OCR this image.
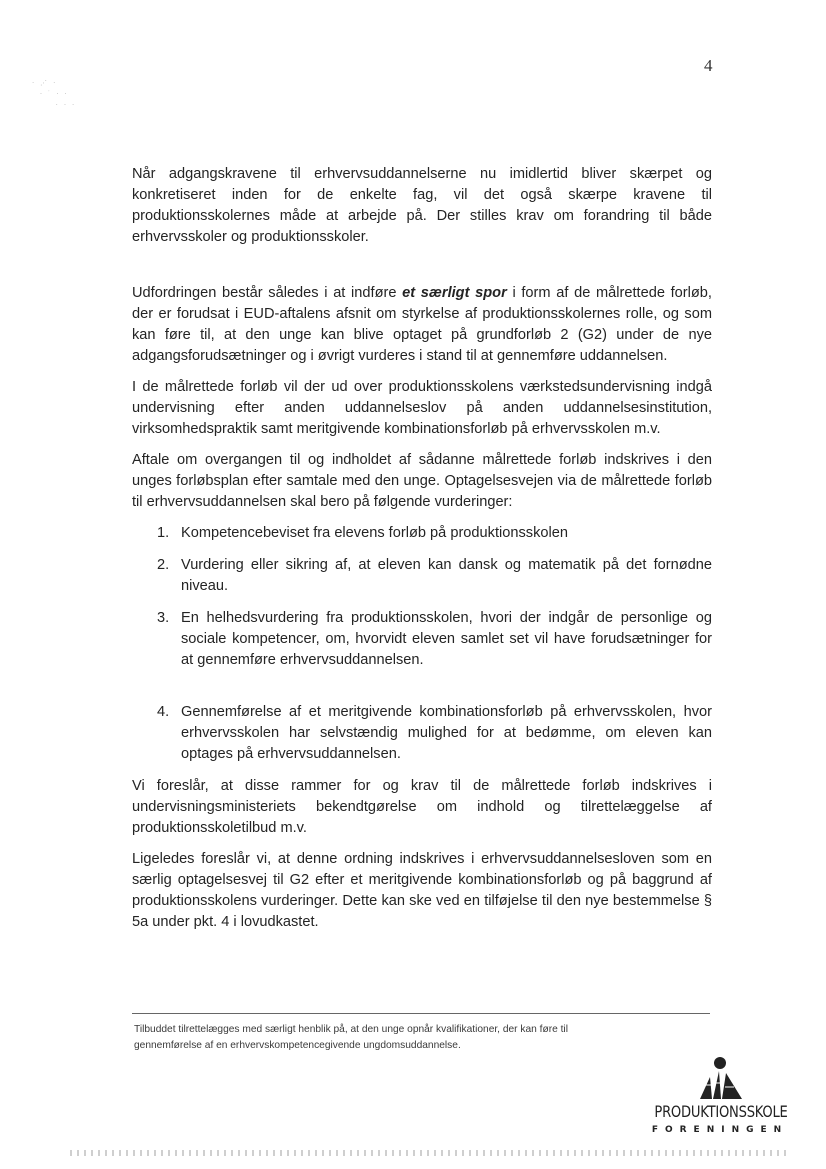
⋅ ⋰ ⋅
⋅ ˙ ⋅ ⋅
⋅ ⋅ ⋅
4

Når adgangskravene til erhvervsuddannelserne nu imidlertid bliver skærpet og konkretiseret inden for de enkelte fag, vil det også skærpe kravene til produktionsskolernes måde at arbejde på. Der stilles krav om forandring til både erhvervsskoler og produktionsskoler.

Udfordringen består således i at indføre et særligt spor i form af de målrettede forløb, der er forudsat i EUD-aftalens afsnit om styrkelse af produktionsskolernes rolle, og som kan føre til, at den unge kan blive optaget på grundforløb 2 (G2) under de nye adgangsforudsætninger og i øvrigt vurderes i stand til at gennemføre uddannelsen.

I de målrettede forløb vil der ud over produktionsskolens værkstedsundervisning indgå undervisning efter anden uddannelseslov på anden uddannelsesinstitution, virksomhedspraktik samt meritgivende kombinationsforløb på erhvervsskolen m.v.

Aftale om overgangen til og indholdet af sådanne målrettede forløb indskrives i den unges forløbsplan efter samtale med den unge. Optagelsesvejen via de målrettede forløb til erhvervsuddannelsen skal bero på følgende vurderinger:

1. Kompetencebeviset fra elevens forløb på produktionsskolen
2. Vurdering eller sikring af, at eleven kan dansk og matematik på det fornødne niveau.
3. En helhedsvurdering fra produktionsskolen, hvori der indgår de personlige og sociale kompetencer, om, hvorvidt eleven samlet set vil have forudsætninger for at gennemføre erhvervsuddannelsen.
4. Gennemførelse af et meritgivende kombinationsforløb på erhvervsskolen, hvor erhvervsskolen har selvstændig mulighed for at bedømme, om eleven kan optages på erhvervsuddannelsen.

Vi foreslår, at disse rammer for og krav til de målrettede forløb indskrives i undervisningsministeriets bekendtgørelse om indhold og tilrettelæggelse af produktionsskoletilbud m.v.

Ligeledes foreslår vi, at denne ordning indskrives i erhvervsuddannelsesloven som en særlig optagelsesvej til G2 efter et meritgivende kombinationsforløb og på baggrund af produktionsskolens vurderinger. Dette kan ske ved en tilføjelse til den nye bestemmelse § 5a under pkt. 4 i lovudkastet.

Tilbuddet tilrettelægges med særligt henblik på, at den unge opnår kvalifikationer, der kan føre til
gennemførelse af en erhvervskompetencegivende ungdomsuddannelse.
PRODUKTIONSSKOLE
FORENINGEN
